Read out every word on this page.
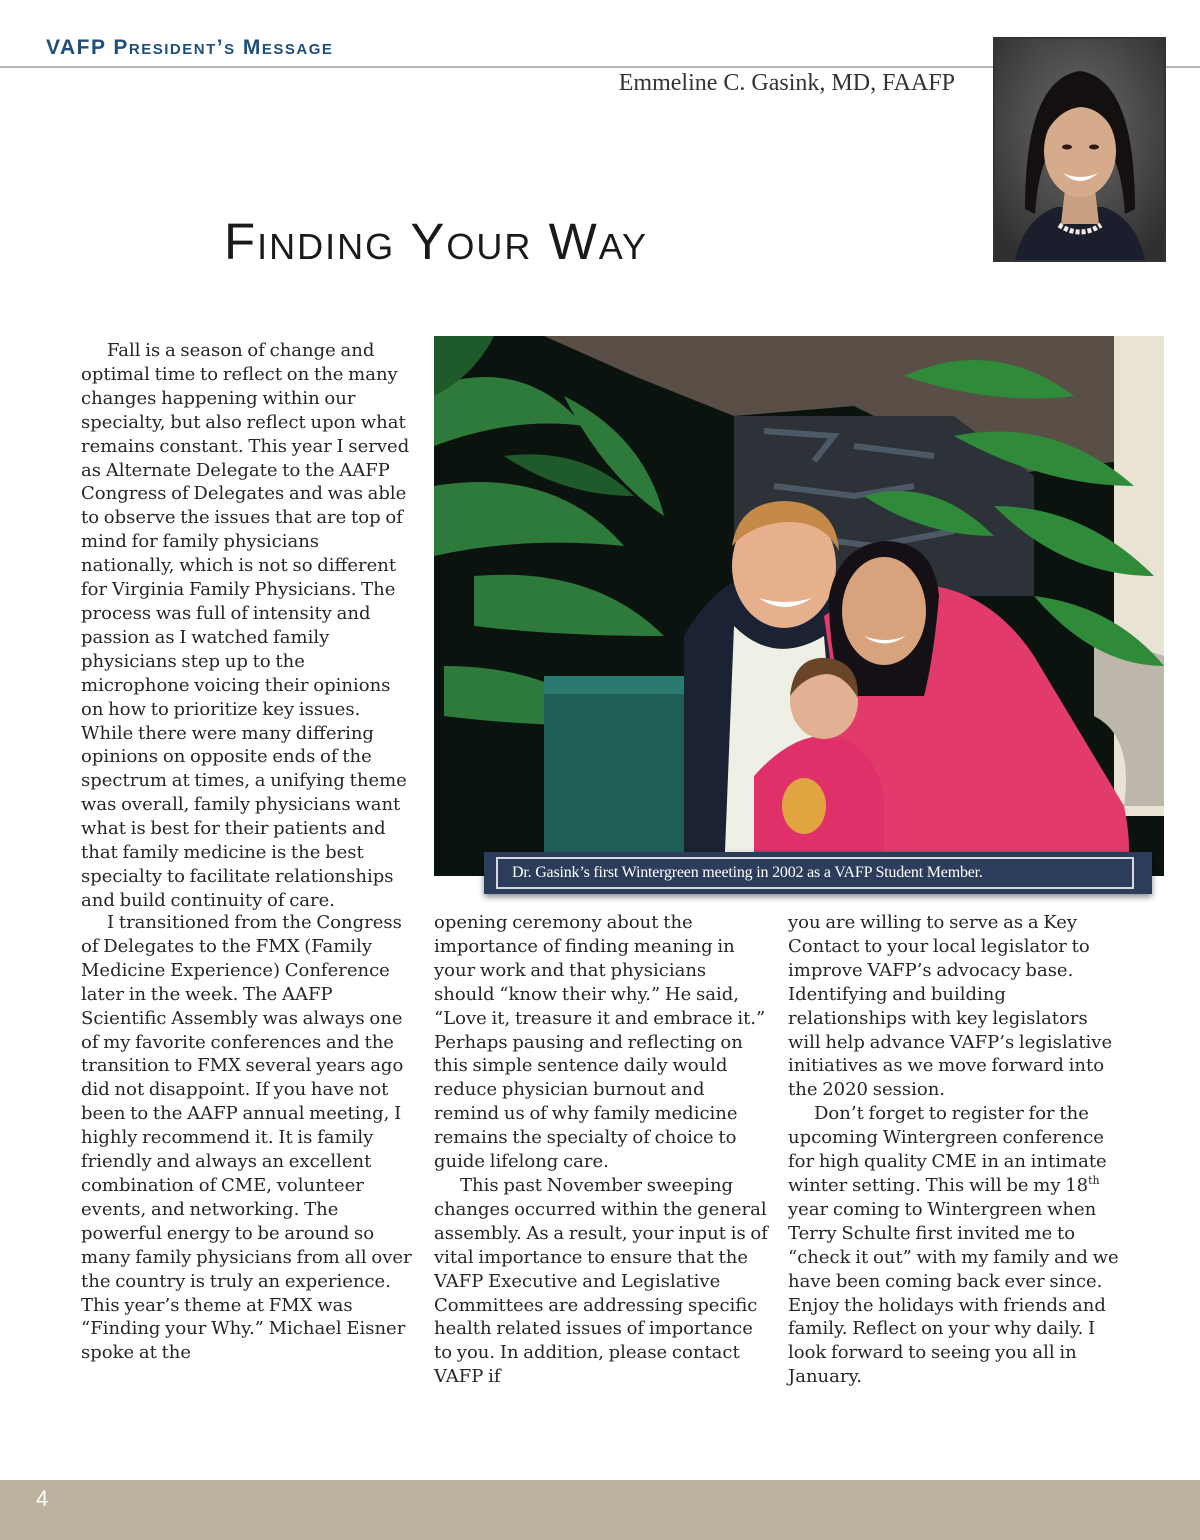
VAFP President’s Message
Emmeline C. Gasink, MD, FAAFP
Finding Your Way
Dr. Gasink’s first Wintergreen meeting in 2002 as a VAFP Student Member.

Fall is a season of change and optimal time to reflect on the many changes happening within our specialty, but also reflect upon what remains constant. This year I served as Alternate Delegate to the AAFP Congress of Delegates and was able to observe the issues that are top of mind for family physicians nationally, which is not so different for Virginia Family Physicians. The process was full of intensity and passion as I watched family physicians step up to the microphone voicing their opinions on how to prioritize key issues. While there were many differing opinions on opposite ends of the spectrum at times, a unifying theme was overall, family physicians want what is best for their patients and that family medicine is the best specialty to facilitate relationships and build continuity of care.

I transitioned from the Congress of Delegates to the FMX (Family Medicine Experience) Conference later in the week. The AAFP Scientific Assembly was always one of my favorite conferences and the transition to FMX several years ago did not disappoint. If you have not been to the AAFP annual meeting, I highly recommend it. It is family friendly and always an excellent combination of CME, volunteer events, and networking. The powerful energy to be around so many family physicians from all over the country is truly an experience. This year’s theme at FMX was “Finding your Why.” Michael Eisner spoke at the

opening ceremony about the importance of finding meaning in your work and that physicians should “know their why.” He said, “Love it, treasure it and embrace it.” Perhaps pausing and reflecting on this simple sentence daily would reduce physician burnout and remind us of why family medicine remains the specialty of choice to guide lifelong care.

This past November sweeping changes occurred within the general assembly. As a result, your input is of vital importance to ensure that the VAFP Executive and Legislative Committees are addressing specific health related issues of importance to you. In addition, please contact VAFP if

you are willing to serve as a Key Contact to your local legislator to improve VAFP’s advocacy base. Identifying and building relationships with key legislators will help advance VAFP’s legislative initiatives as we move forward into the 2020 session.

Don’t forget to register for the upcoming Wintergreen conference for high quality CME in an intimate winter setting. This will be my 18th year coming to Wintergreen when Terry Schulte first invited me to “check it out” with my family and we have been coming back ever since. Enjoy the holidays with friends and family. Reflect on your why daily. I look forward to seeing you all in January.

4
